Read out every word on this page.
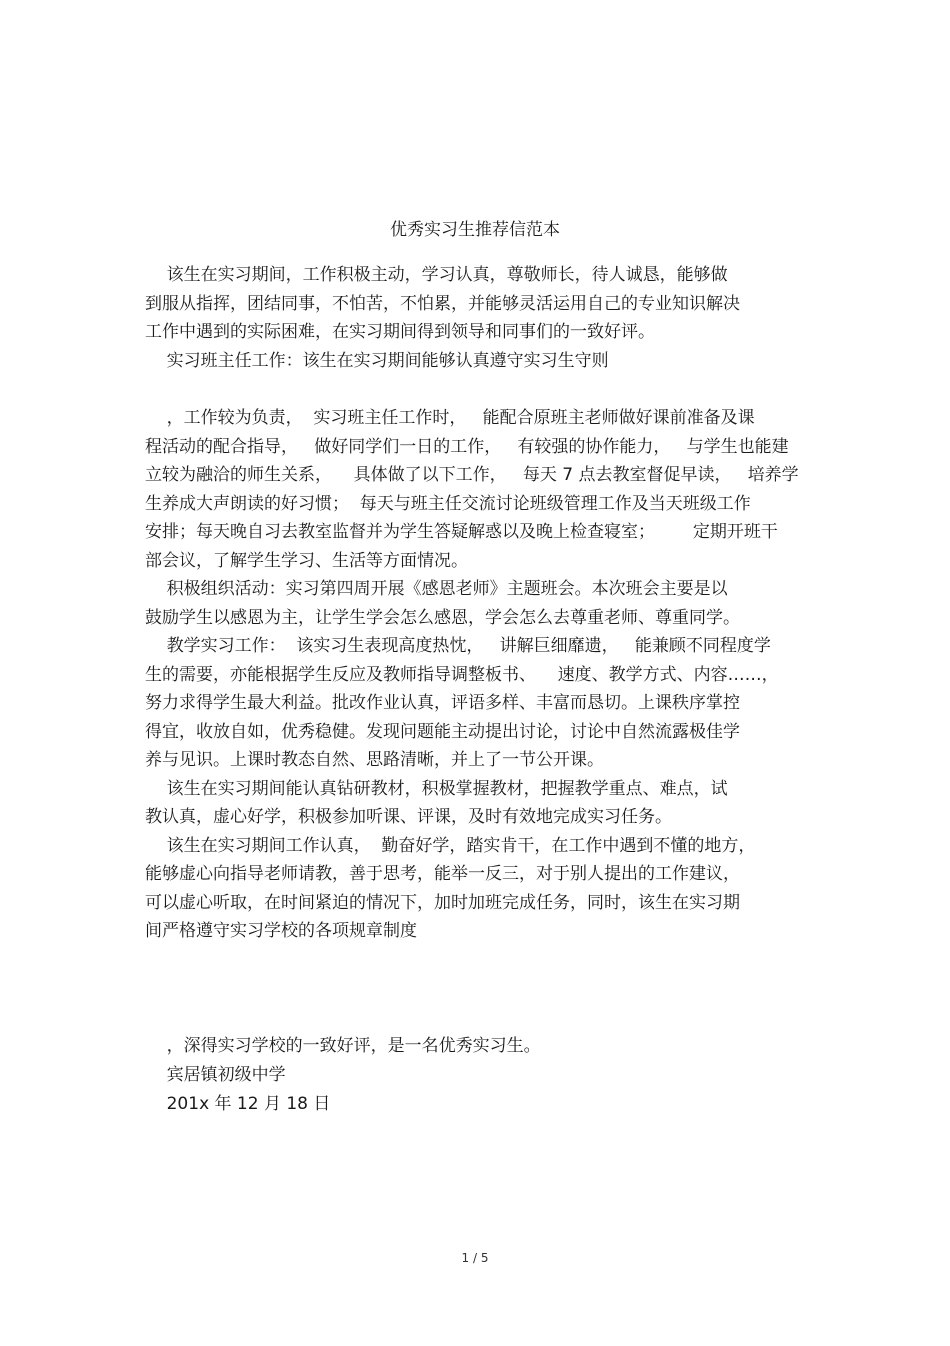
优秀实习生推荐信范本
该生在实习期间，工作积极主动，学习认真，尊敬师长，待人诚恳，能够做
到服从指挥，团结同事，不怕苦，不怕累，并能够灵活运用自己的专业知识解决
工作中遇到的实际困难，在实习期间得到领导和同事们的一致好评。
实习班主任工作：该生在实习期间能够认真遵守实习生守则
，工作较为负责，  实习班主任工作时，   能配合原班主老师做好课前准备及课
程活动的配合指导，   做好同学们一日的工作，   有较强的协作能力，   与学生也能建
立较为融洽的师生关系，    具体做了以下工作，   每天 7 点去教室督促早读，   培养学
生养成大声朗读的好习惯；  每天与班主任交流讨论班级管理工作及当天班级工作
安排；每天晚自习去教室监督并为学生答疑解惑以及晚上检查寝室；       定期开班干
部会议，了解学生学习、生活等方面情况。
积极组织活动：实习第四周开展《感恩老师》主题班会。本次班会主要是以
鼓励学生以感恩为主，让学生学会怎么感恩，学会怎么去尊重老师、尊重同学。
教学实习工作：  该实习生表现高度热忱，   讲解巨细靡遗，   能兼顾不同程度学
生的需要，亦能根据学生反应及教师指导调整板书、    速度、教学方式、内容……，
努力求得学生最大利益。批改作业认真，评语多样、丰富而恳切。上课秩序掌控
得宜，收放自如，优秀稳健。发现问题能主动提出讨论，讨论中自然流露极佳学
养与见识。上课时教态自然、思路清晰，并上了一节公开课。
该生在实习期间能认真钻研教材，积极掌握教材，把握教学重点、难点，试
教认真，虚心好学，积极参加听课、评课，及时有效地完成实习任务。
该生在实习期间工作认真，  勤奋好学，踏实肯干，在工作中遇到不懂的地方，
能够虚心向指导老师请教，善于思考，能举一反三，对于别人提出的工作建议，
可以虚心听取，在时间紧迫的情况下，加时加班完成任务，同时，该生在实习期
间严格遵守实习学校的各项规章制度
，深得实习学校的一致好评，是一名优秀实习生。
宾居镇初级中学
201x 年 12 月 18 日
1 / 5
